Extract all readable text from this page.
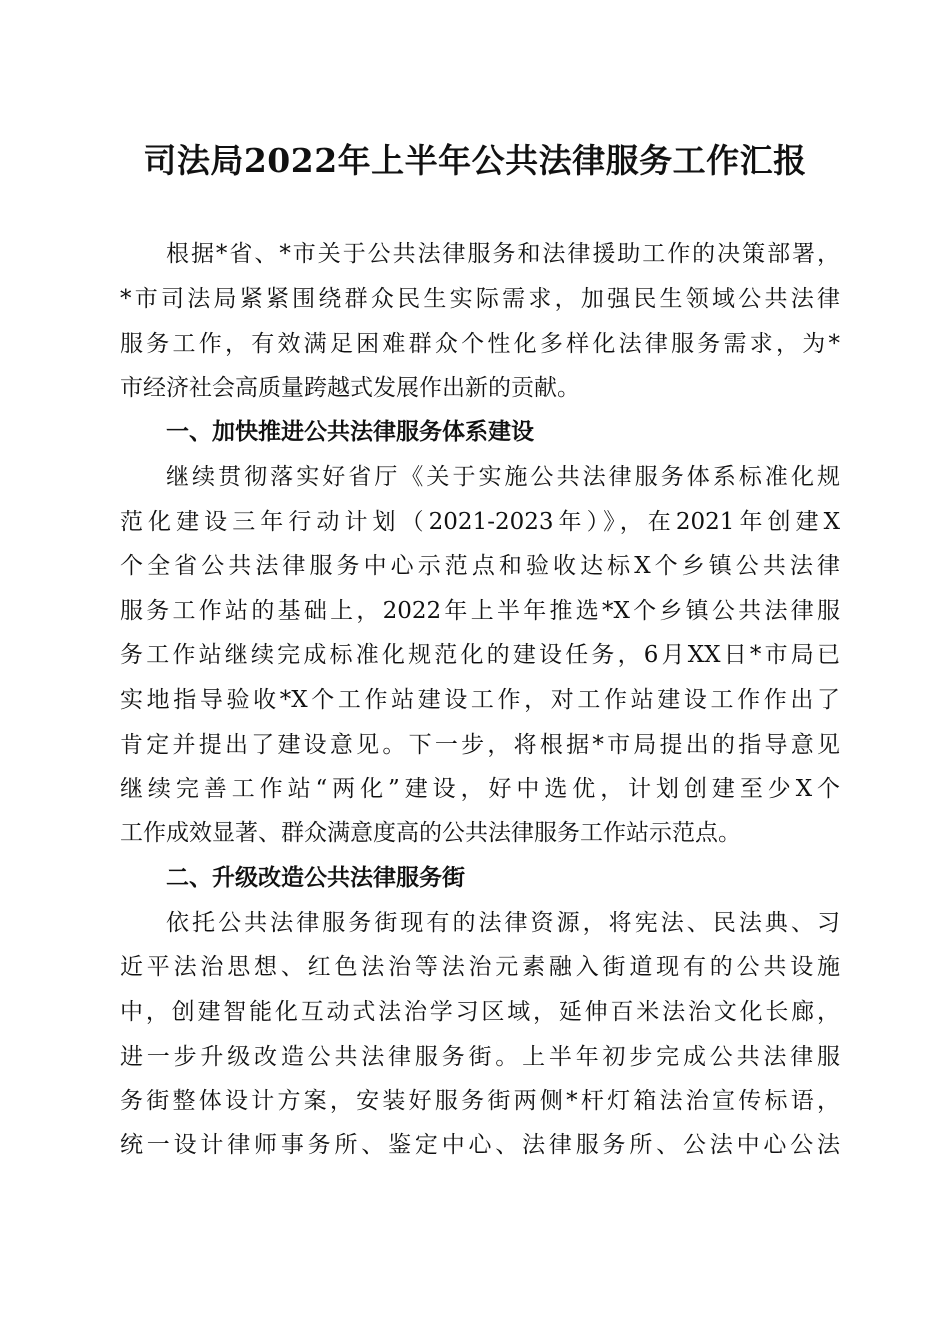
司法局2022年上半年公共法律服务工作汇报
根据*省、*市关于公共法律服务和法律援助工作的决策部署，
*市司法局紧紧围绕群众民生实际需求，加强民生领域公共法律
服务工作，有效满足困难群众个性化多样化法律服务需求，为*
市经济社会高质量跨越式发展作出新的贡献。
一、加快推进公共法律服务体系建设
继续贯彻落实好省厅《关于实施公共法律服务体系标准化规
范化建设三年行动计划（2021-2023年）》，在2021年创建X
个全省公共法律服务中心示范点和验收达标X个乡镇公共法律
服务工作站的基础上，2022年上半年推选*X个乡镇公共法律服
务工作站继续完成标准化规范化的建设任务，6月XX日*市局已
实地指导验收*X个工作站建设工作，对工作站建设工作作出了
肯定并提出了建设意见。下一步，将根据*市局提出的指导意见
继续完善工作站“两化”建设，好中选优，计划创建至少X个
工作成效显著、群众满意度高的公共法律服务工作站示范点。
二、升级改造公共法律服务街
依托公共法律服务街现有的法律资源，将宪法、民法典、习
近平法治思想、红色法治等法治元素融入街道现有的公共设施
中，创建智能化互动式法治学习区域，延伸百米法治文化长廊，
进一步升级改造公共法律服务街。上半年初步完成公共法律服
务街整体设计方案，安装好服务街两侧*杆灯箱法治宣传标语，
统一设计律师事务所、鉴定中心、法律服务所、公法中心公法
